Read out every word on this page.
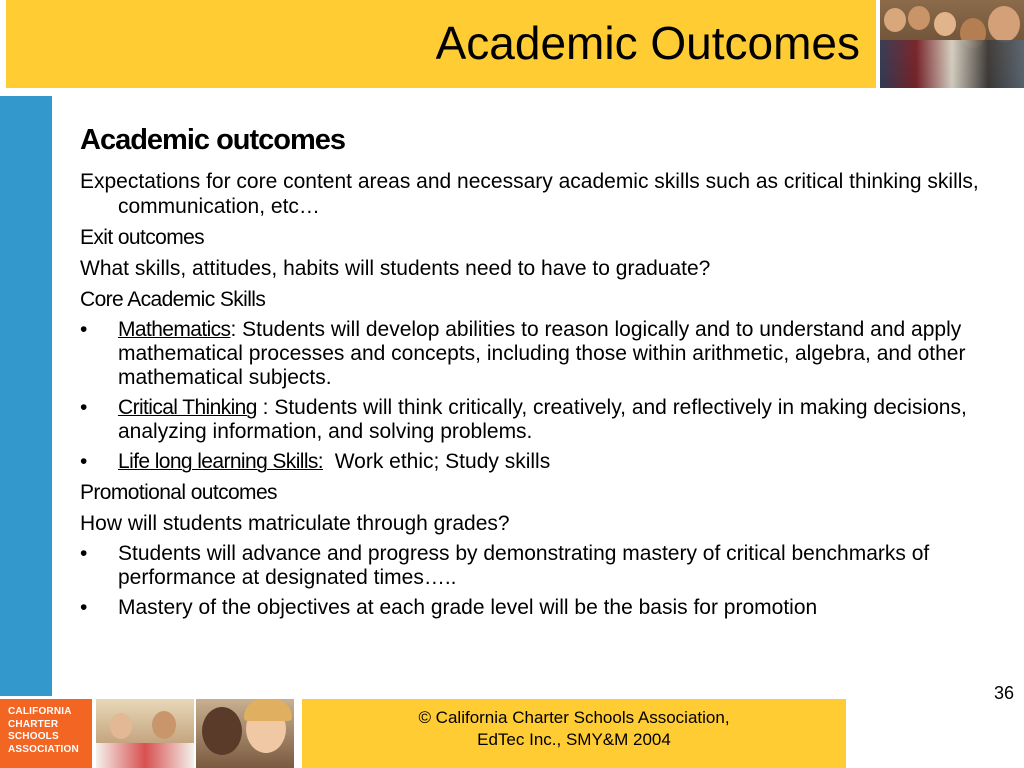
Academic Outcomes
Academic outcomes
Expectations for core content areas and necessary academic skills such as critical thinking skills, communication, etc…
Exit outcomes
What skills, attitudes, habits will students need to have to graduate?
Core Academic Skills
• Mathematics: Students will develop abilities to reason logically and to understand and apply mathematical processes and concepts, including those within arithmetic, algebra, and other mathematical subjects.
• Critical Thinking : Students will think critically, creatively, and reflectively in making decisions, analyzing information, and solving problems.
• Life long learning Skills:  Work ethic; Study skills
Promotional outcomes
How will students matriculate through grades?
• Students will advance and progress by demonstrating mastery of critical benchmarks of performance at designated times…..
• Mastery of the objectives at each grade level will be the basis for promotion
36
CALIFORNIA
CHARTER
SCHOOLS
ASSOCIATION
© California Charter Schools Association,
EdTec Inc., SMY&M 2004
